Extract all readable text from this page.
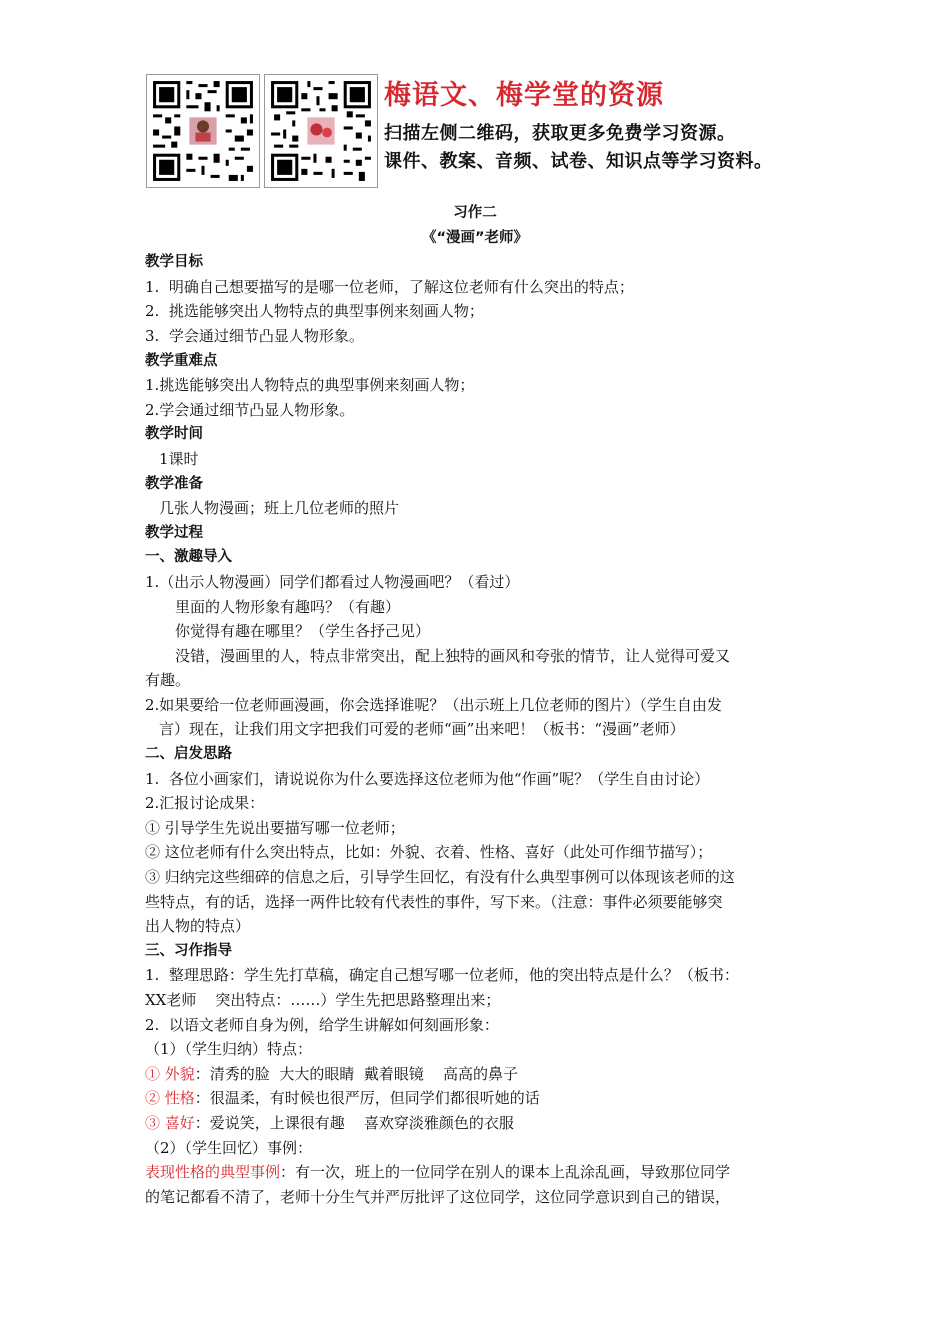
梅语文、梅学堂的资源
扫描左侧二维码，获取更多免费学习资源。
课件、教案、音频、试卷、知识点等学习资料。
习作二
《“漫画”老师》
教学目标
1.  明确自己想要描写的是哪一位老师，了解这位老师有什么突出的特点；
2.  挑选能够突出人物特点的典型事例来刻画人物；
3.  学会通过细节凸显人物形象。
教学重难点
1.挑选能够突出人物特点的典型事例来刻画人物；
2.学会通过细节凸显人物形象。
教学时间
1课时
教学准备
几张人物漫画；班上几位老师的照片
教学过程
一、激趣导入
1.（出示人物漫画）同学们都看过人物漫画吧？（看过）
里面的人物形象有趣吗？（有趣）
你觉得有趣在哪里？（学生各抒己见）
没错，漫画里的人，特点非常突出，配上独特的画风和夸张的情节，让人觉得可爱又
有趣。
2.如果要给一位老师画漫画，你会选择谁呢？（出示班上几位老师的图片）（学生自由发
言）现在，让我们用文字把我们可爱的老师“画”出来吧！（板书：“漫画”老师）
二、启发思路
1.  各位小画家们，请说说你为什么要选择这位老师为他“作画”呢？（学生自由讨论）
2.汇报讨论成果：
① 引导学生先说出要描写哪一位老师；
② 这位老师有什么突出特点，比如：外貌、衣着、性格、喜好（此处可作细节描写）；
③ 归纳完这些细碎的信息之后，引导学生回忆，有没有什么典型事例可以体现该老师的这
些特点，有的话，选择一两件比较有代表性的事件，写下来。（注意：事件必须要能够突
出人物的特点）
三、习作指导
1.  整理思路：学生先打草稿，确定自己想写哪一位老师，他的突出特点是什么？（板书：
XX老师    突出特点：……）学生先把思路整理出来；
2.  以语文老师自身为例，给学生讲解如何刻画形象：
（1）（学生归纳）特点：
① 外貌：清秀的脸  大大的眼睛  戴着眼镜    高高的鼻子
② 性格：很温柔，有时候也很严厉，但同学们都很听她的话
③ 喜好：爱说笑，上课很有趣    喜欢穿淡雅颜色的衣服
（2）（学生回忆）事例：
表现性格的典型事例：有一次，班上的一位同学在别人的课本上乱涂乱画，导致那位同学
的笔记都看不清了，老师十分生气并严厉批评了这位同学，这位同学意识到自己的错误，
